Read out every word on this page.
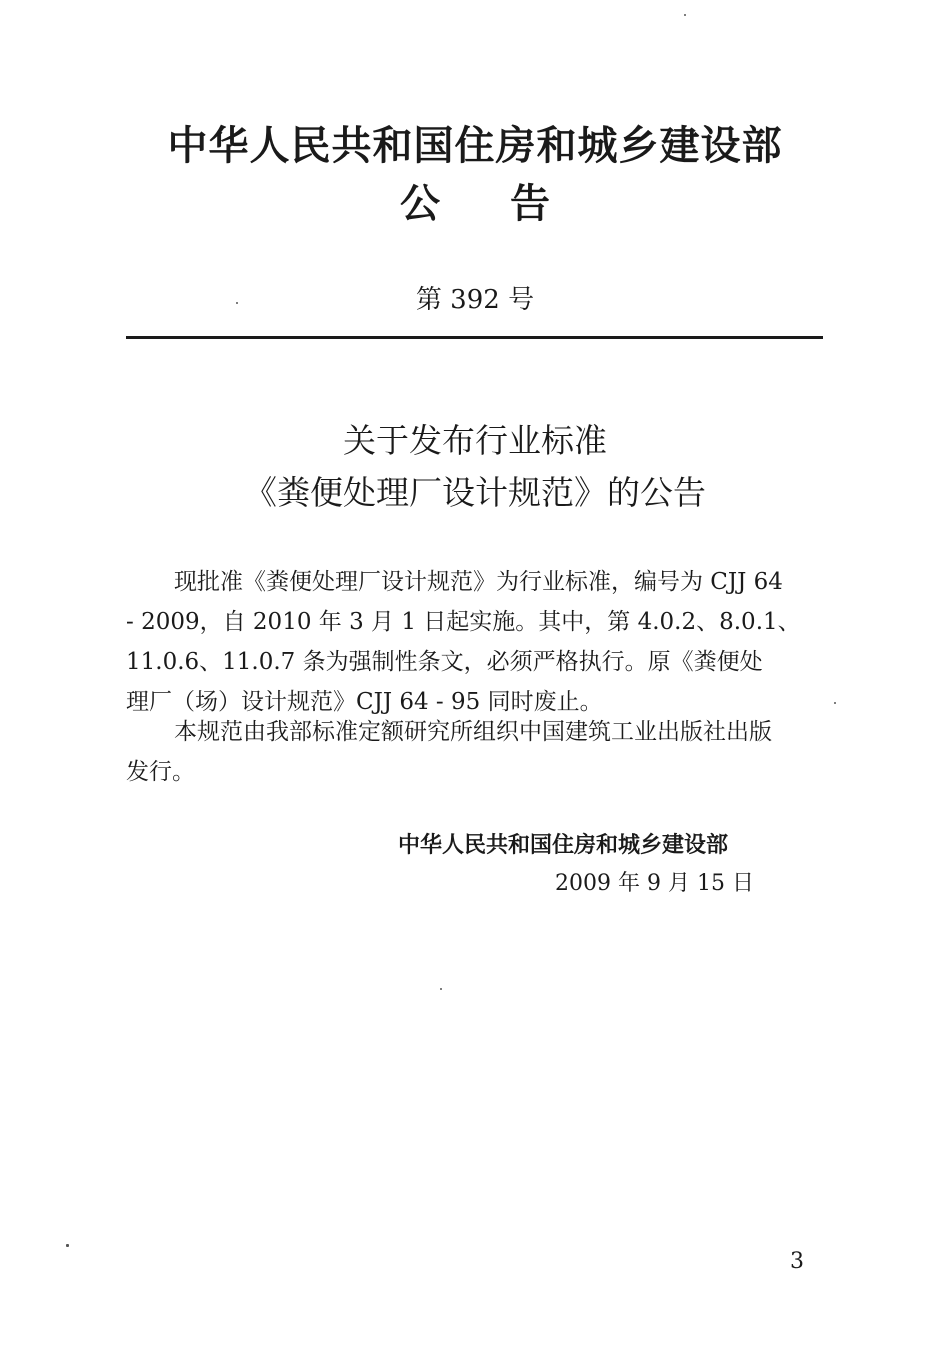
中华人民共和国住房和城乡建设部
公告
第 392 号
关于发布行业标准
《粪便处理厂设计规范》的公告
现批准《粪便处理厂设计规范》为行业标准，编号为 CJJ 64
- 2009，自 2010 年 3 月 1 日起实施。其中，第 4.0.2、8.0.1、
11.0.6、11.0.7 条为强制性条文，必须严格执行。原《粪便处
理厂（场）设计规范》CJJ 64 - 95 同时废止。
本规范由我部标准定额研究所组织中国建筑工业出版社出版
发行。
中华人民共和国住房和城乡建设部
2009 年 9 月 15 日
3
